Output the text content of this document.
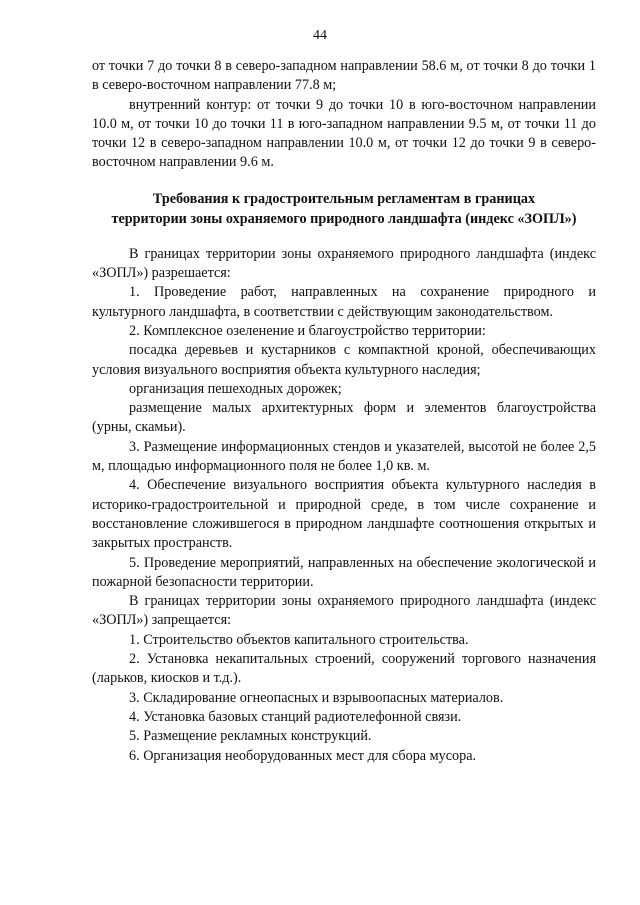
44

от точки 7 до точки 8 в северо-западном направлении 58.6 м, от точки 8 до точки 1 в северо-восточном направлении 77.8 м;

внутренний контур: от точки 9 до точки 10 в юго-восточном направлении 10.0 м, от точки 10 до точки 11 в юго-западном направлении 9.5 м, от точки 11 до точки 12 в северо-западном направлении 10.0 м, от точки 12 до точки 9 в северо-восточном направлении 9.6 м.

Требования к градостроительным регламентам в границах
территории зоны охраняемого природного ландшафта (индекс «ЗОПЛ»)

В границах территории зоны охраняемого природного ландшафта (индекс «ЗОПЛ») разрешается:

1. Проведение работ, направленных на сохранение природного и культурного ландшафта, в соответствии с действующим законодательством.

2. Комплексное озеленение и благоустройство территории:

посадка деревьев и кустарников с компактной кроной, обеспечивающих условия визуального восприятия объекта культурного наследия;

организация пешеходных дорожек;

размещение малых архитектурных форм и элементов благоустройства (урны, скамьи).

3. Размещение информационных стендов и указателей, высотой не более 2,5 м, площадью информационного поля не более 1,0 кв. м.

4. Обеспечение визуального восприятия объекта культурного наследия в историко-градостроительной и природной среде, в том числе сохранение и восстановление сложившегося в природном ландшафте соотношения открытых и закрытых пространств.

5. Проведение мероприятий, направленных на обеспечение экологической и пожарной безопасности территории.

В границах территории зоны охраняемого природного ландшафта (индекс «ЗОПЛ») запрещается:

1. Строительство объектов капитального строительства.

2. Установка некапитальных строений, сооружений торгового назначения (ларьков, киосков и т.д.).

3. Складирование огнеопасных и взрывоопасных материалов.

4. Установка базовых станций радиотелефонной связи.

5. Размещение рекламных конструкций.

6. Организация необорудованных мест для сбора мусора.
